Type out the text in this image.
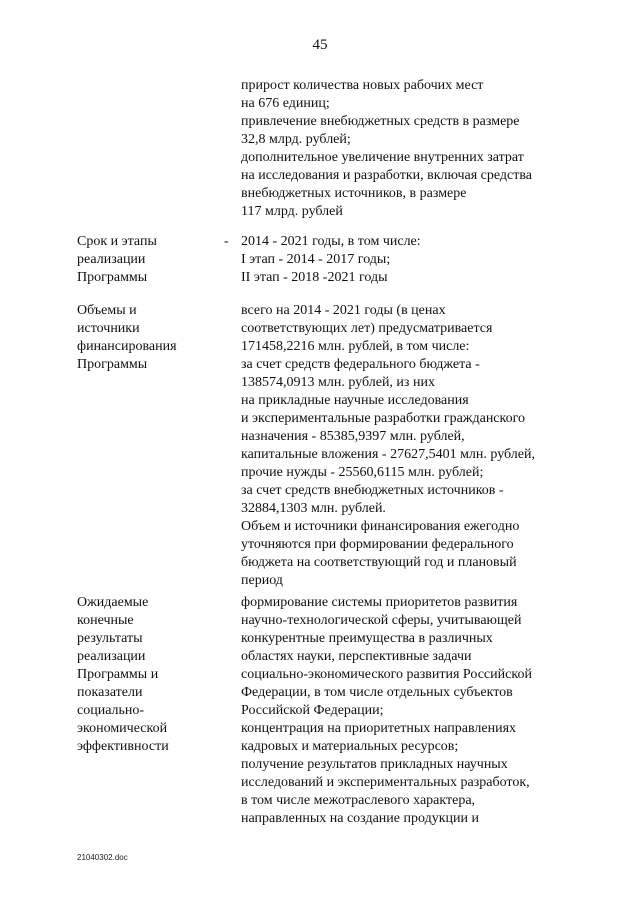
45
прирост количества новых рабочих мест
на 676 единиц;
привлечение внебюджетных средств в размере
32,8 млрд. рублей;
дополнительное увеличение внутренних затрат
на исследования и разработки, включая средства
внебюджетных источников, в размере
117 млрд. рублей
Срок и этапы
реализации
Программы
- 2014 - 2021 годы, в том числе:
I этап - 2014 - 2017 годы;
II этап - 2018 -2021 годы
Объемы и
источники
финансирования
Программы
всего на 2014 - 2021 годы (в ценах
соответствующих лет) предусматривается
171458,2216 млн. рублей, в том числе:
за счет средств федерального бюджета -
138574,0913 млн. рублей, из них
на прикладные научные исследования
и экспериментальные разработки гражданского
назначения - 85385,9397 млн. рублей,
капитальные вложения - 27627,5401 млн. рублей,
прочие нужды - 25560,6115 млн. рублей;
за счет средств внебюджетных источников -
32884,1303 млн. рублей.
Объем и источники финансирования ежегодно
уточняются при формировании федерального
бюджета на соответствующий год и плановый
период
Ожидаемые
конечные
результаты
реализации
Программы и
показатели
социально-
экономической
эффективности
формирование системы приоритетов развития
научно-технологической сферы, учитывающей
конкурентные преимущества в различных
областях науки, перспективные задачи
социально-экономического развития Российской
Федерации, в том числе отдельных субъектов
Российской Федерации;
концентрация на приоритетных направлениях
кадровых и материальных ресурсов;
получение результатов прикладных научных
исследований и экспериментальных разработок,
в том числе межотраслевого характера,
направленных на создание продукции и
21040302.doc
